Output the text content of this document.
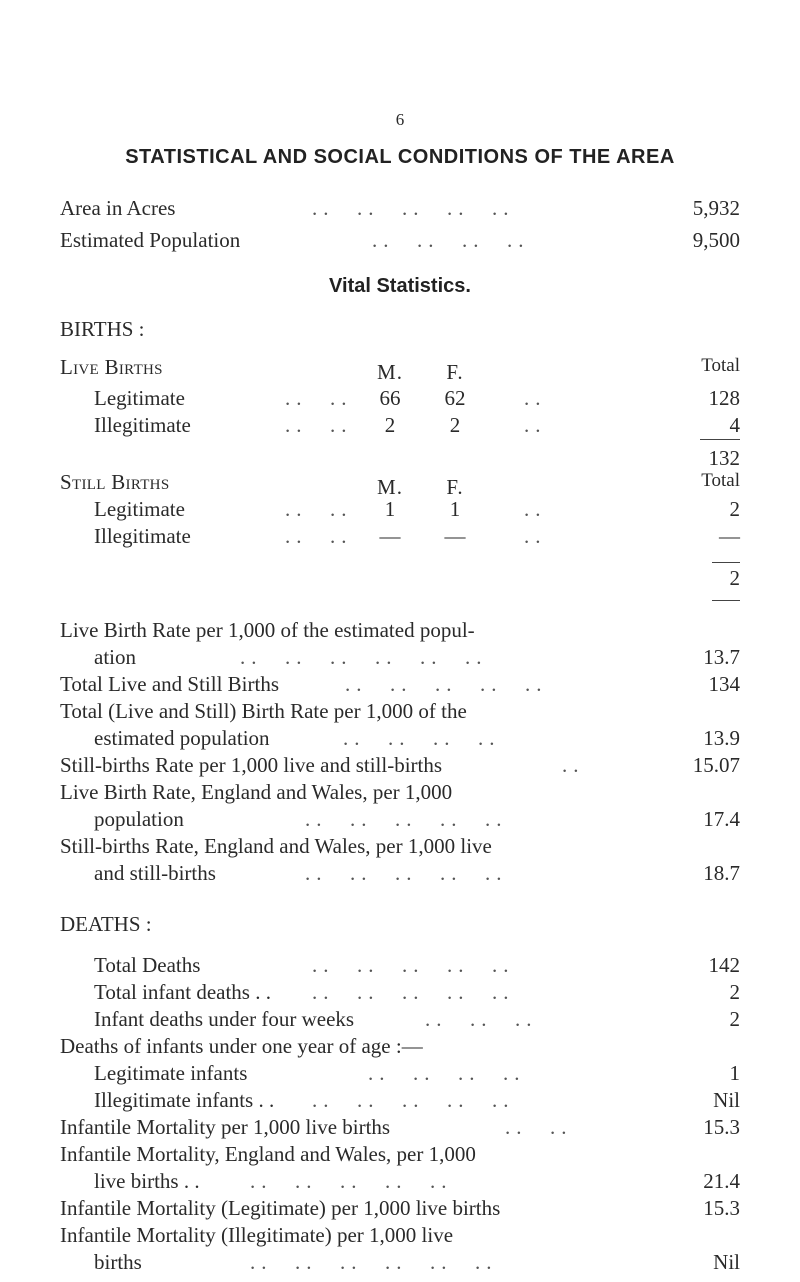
6
STATISTICAL AND SOCIAL CONDITIONS OF THE AREA
Area in Acres	..  ..  ..  ..  ..	5,932
Estimated Population	..  ..  ..  ..	9,500
Vital Statistics.
BIRTHS :
Live Births	M.	F.	Total
Legitimate	..  ..	66	62	..	128
Illegitimate	..  ..	2	2	..	4
132
Still Births	M.	F.	Total
Legitimate	..  ..	1	1	..	2
Illegitimate	..  ..	—	—	..	—
2
Live Birth Rate per 1,000 of the estimated popul-
ation	..  ..  ..  ..  ..  ..	13.7
Total Live and Still Births	..  ..  ..  ..  ..	134
Total (Live and Still) Birth Rate per 1,000 of the
estimated population	..  ..  ..  ..	13.9
Still-births Rate per 1,000 live and still-births	..	15.07
Live Birth Rate, England and Wales, per 1,000
population	..  ..  ..  ..  ..	17.4
Still-births Rate, England and Wales, per 1,000 live
and still-births	..  ..  ..  ..  ..	18.7
DEATHS :
Total Deaths	..  ..  ..  ..  ..	142
Total infant deaths . . ..  ..  ..  ..  ..	2
Infant deaths under four weeks	..  ..  ..	2
Deaths of infants under one year of age :—
Legitimate infants	..  ..  ..  ..	1
Illegitimate infants . . ..  ..  ..  ..  ..	Nil
Infantile Mortality per 1,000 live births	..  ..	15.3
Infantile Mortality, England and Wales, per 1,000
live births . . ..  ..  ..  ..  ..	21.4
Infantile Mortality (Legitimate) per 1,000 live births	15.3
Infantile Mortality (Illegitimate) per 1,000 live
births	..  ..  ..  ..  ..  ..	Nil
